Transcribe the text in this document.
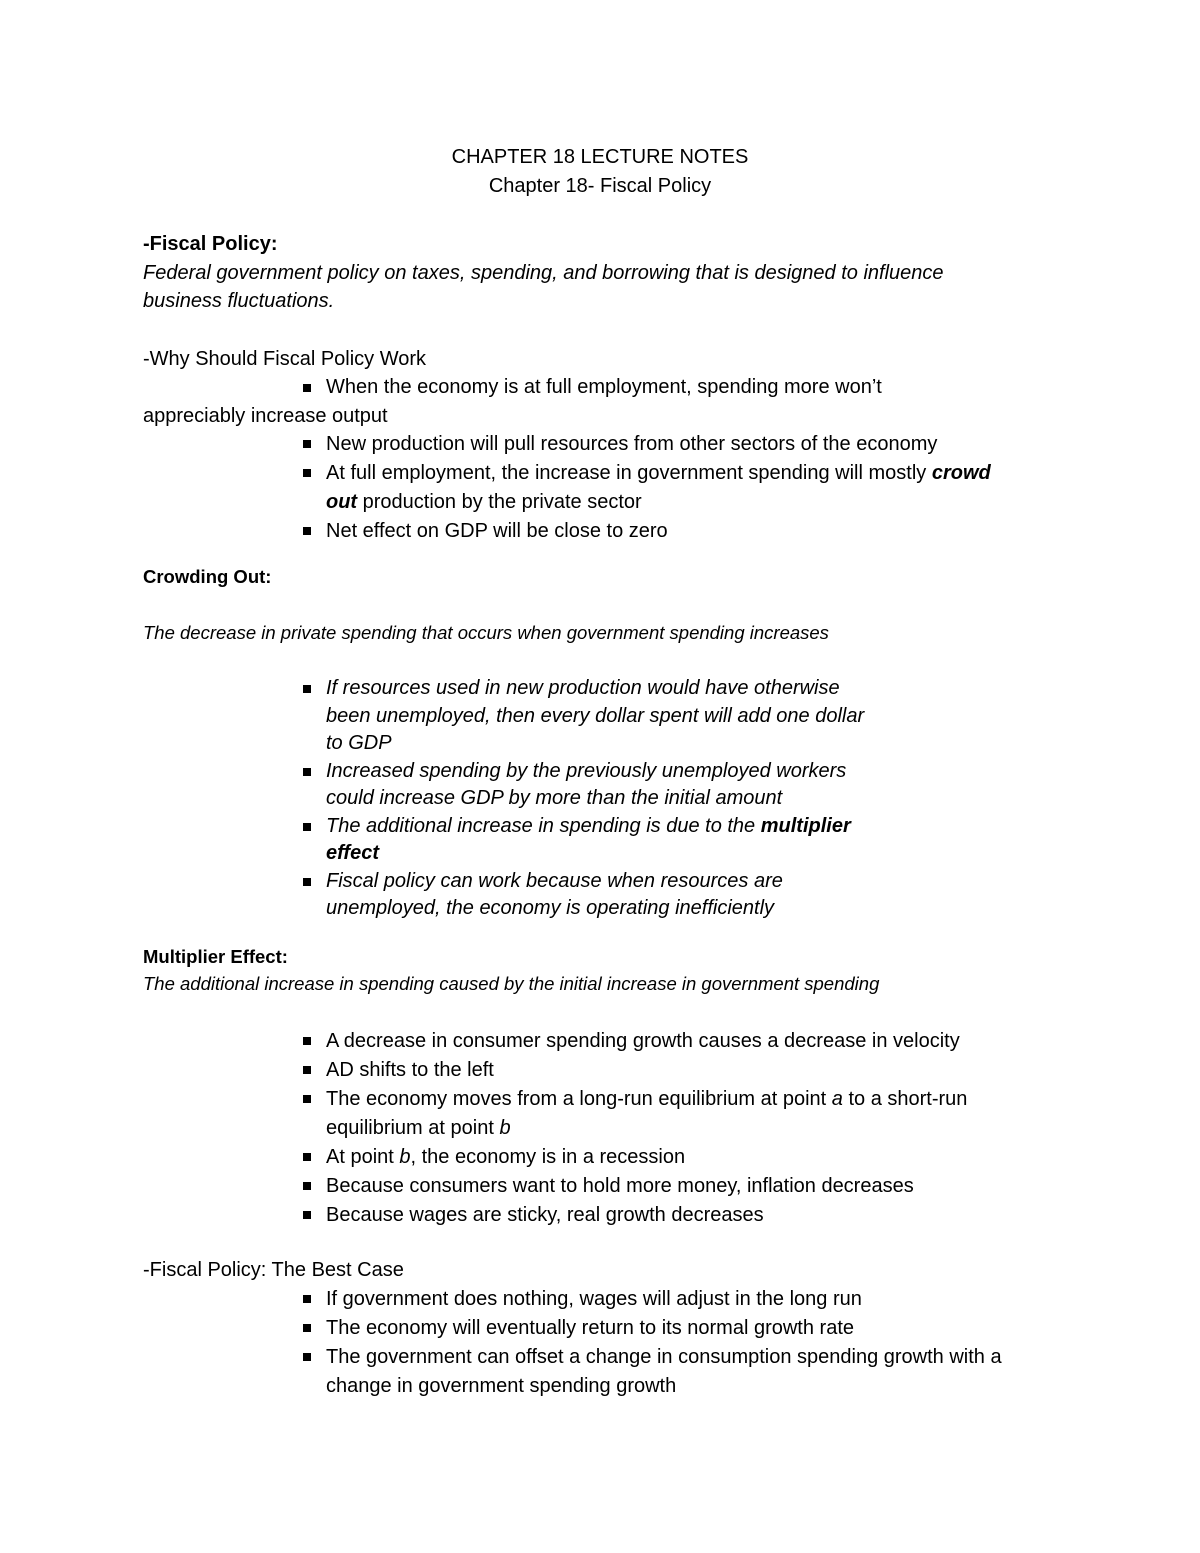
CHAPTER 18 LECTURE NOTES
Chapter 18- Fiscal Policy
-Fiscal Policy:
Federal government policy on taxes, spending, and borrowing that is designed to influence
business fluctuations.
-Why Should Fiscal Policy Work
When the economy is at full employment, spending more won’t
appreciably increase output
New production will pull resources from other sectors of the economy
At full employment, the increase in government spending will mostly crowd
out production by the private sector
Net effect on GDP will be close to zero
Crowding Out:
The decrease in private spending that occurs when government spending increases
If resources used in new production would have otherwise
been unemployed, then every dollar spent will add one dollar
to GDP
Increased spending by the previously unemployed workers
could increase GDP by more than the initial amount
The additional increase in spending is due to the multiplier
effect
Fiscal policy can work because when resources are
unemployed, the economy is operating inefficiently
Multiplier Effect:
The additional increase in spending caused by the initial increase in government spending
A decrease in consumer spending growth causes a decrease in velocity
AD shifts to the left
The economy moves from a long-run equilibrium at point a to a short-run
equilibrium at point b
At point b, the economy is in a recession
Because consumers want to hold more money, inflation decreases
Because wages are sticky, real growth decreases
-Fiscal Policy: The Best Case
If government does nothing, wages will adjust in the long run
The economy will eventually return to its normal growth rate
The government can offset a change in consumption spending growth with a
change in government spending growth
